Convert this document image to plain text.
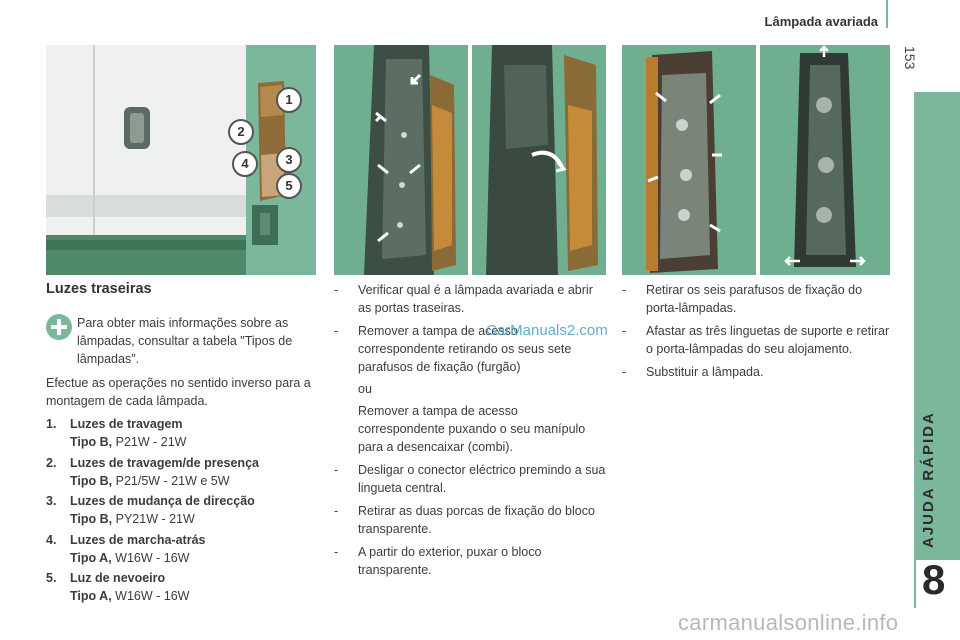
Lâmpada avariada
153
AJUDA RÁPIDA
8
1
2
3
4
5
Luzes traseiras
Para obter mais informações sobre as lâmpadas, consultar a tabela "Tipos de lâmpadas".
Efectue as operações no sentido inverso para a montagem de cada lâmpada.
1. Luzes de travagem
Tipo B, P21W - 21W
2. Luzes de travagem/de presença
Tipo B, P21/5W - 21W e 5W
3. Luzes de mudança de direcção
Tipo B, PY21W - 21W
4. Luzes de marcha-atrás
Tipo A, W16W - 16W
5. Luz de nevoeiro
Tipo A, W16W - 16W
- Verificar qual é a lâmpada avariada e abrir as portas traseiras.

- Remover a tampa de acesso correspondente retirando os seus sete parafusos de fixação (furgão)

ou

Remover a tampa de acesso correspondente puxando o seu manípulo para a desencaixar (combi).

- Desligar o conector eléctrico premindo a sua lingueta central.

- Retirar as duas porcas de fixação do bloco transparente.

- A partir do exterior, puxar o bloco transparente.

- Retirar os seis parafusos de fixação do porta-lâmpadas.

- Afastar as três linguetas de suporte e retirar o porta-lâmpadas do seu alojamento.

- Substituir a lâmpada.

CarManuals2.com
carmanualsonline.info
